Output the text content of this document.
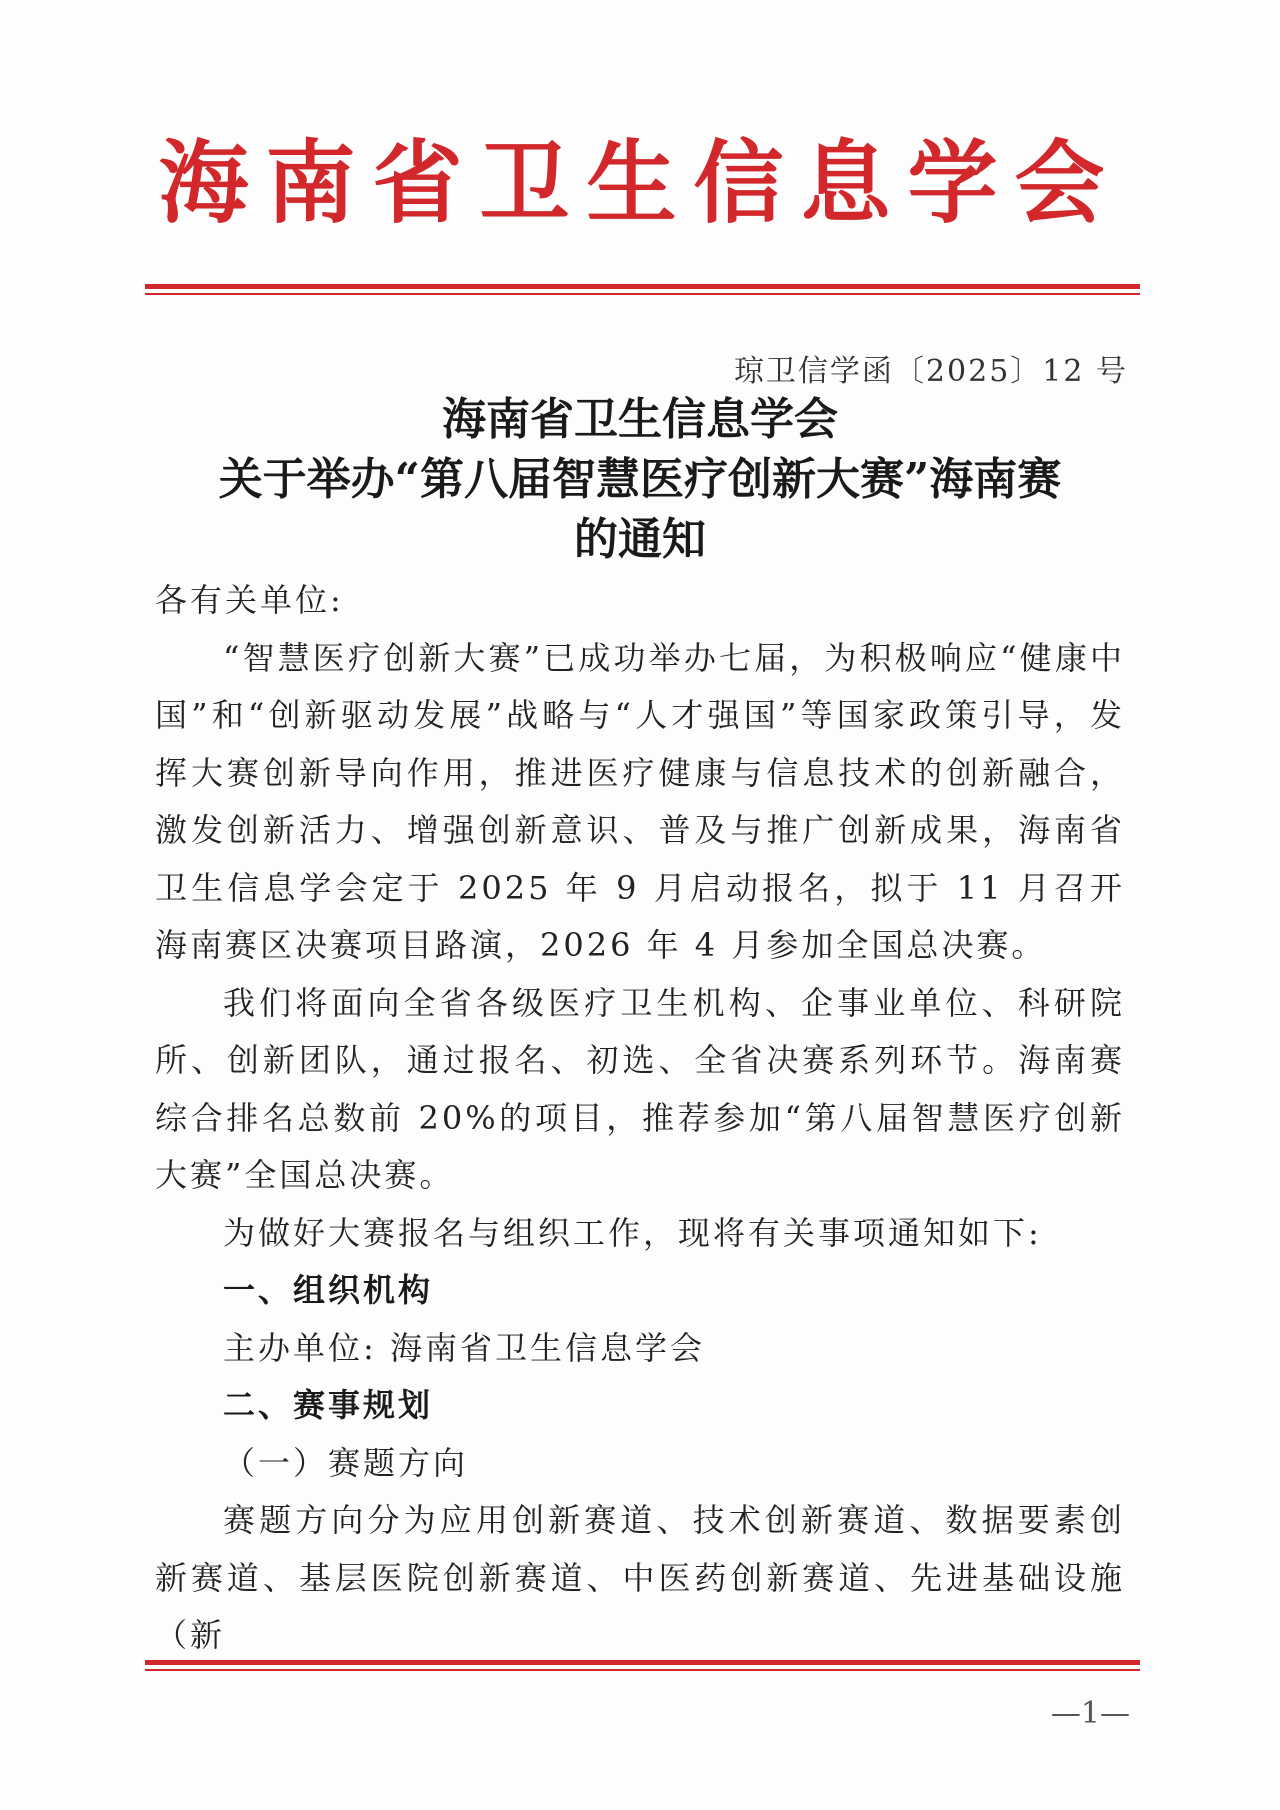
海南省卫生信息学会
琼卫信学函〔2025〕12 号
海南省卫生信息学会
关于举办“第八届智慧医疗创新大赛”海南赛
的通知

各有关单位:

“智慧医疗创新大赛”已成功举办七届，为积极响应“健康中国”和“创新驱动发展”战略与“人才强国”等国家政策引导，发挥大赛创新导向作用，推进医疗健康与信息技术的创新融合，激发创新活力、增强创新意识、普及与推广创新成果，海南省卫生信息学会定于 2025 年 9 月启动报名，拟于 11 月召开海南赛区决赛项目路演，2026 年 4 月参加全国总决赛。

我们将面向全省各级医疗卫生机构、企事业单位、科研院所、创新团队，通过报名、初选、全省决赛系列环节。海南赛综合排名总数前 20%的项目，推荐参加“第八届智慧医疗创新大赛”全国总决赛。

为做好大赛报名与组织工作，现将有关事项通知如下:

一、组织机构

主办单位: 海南省卫生信息学会

二、赛事规划

（一）赛题方向

赛题方向分为应用创新赛道、技术创新赛道、数据要素创新赛道、基层医院创新赛道、中医药创新赛道、先进基础设施（新

—1—
